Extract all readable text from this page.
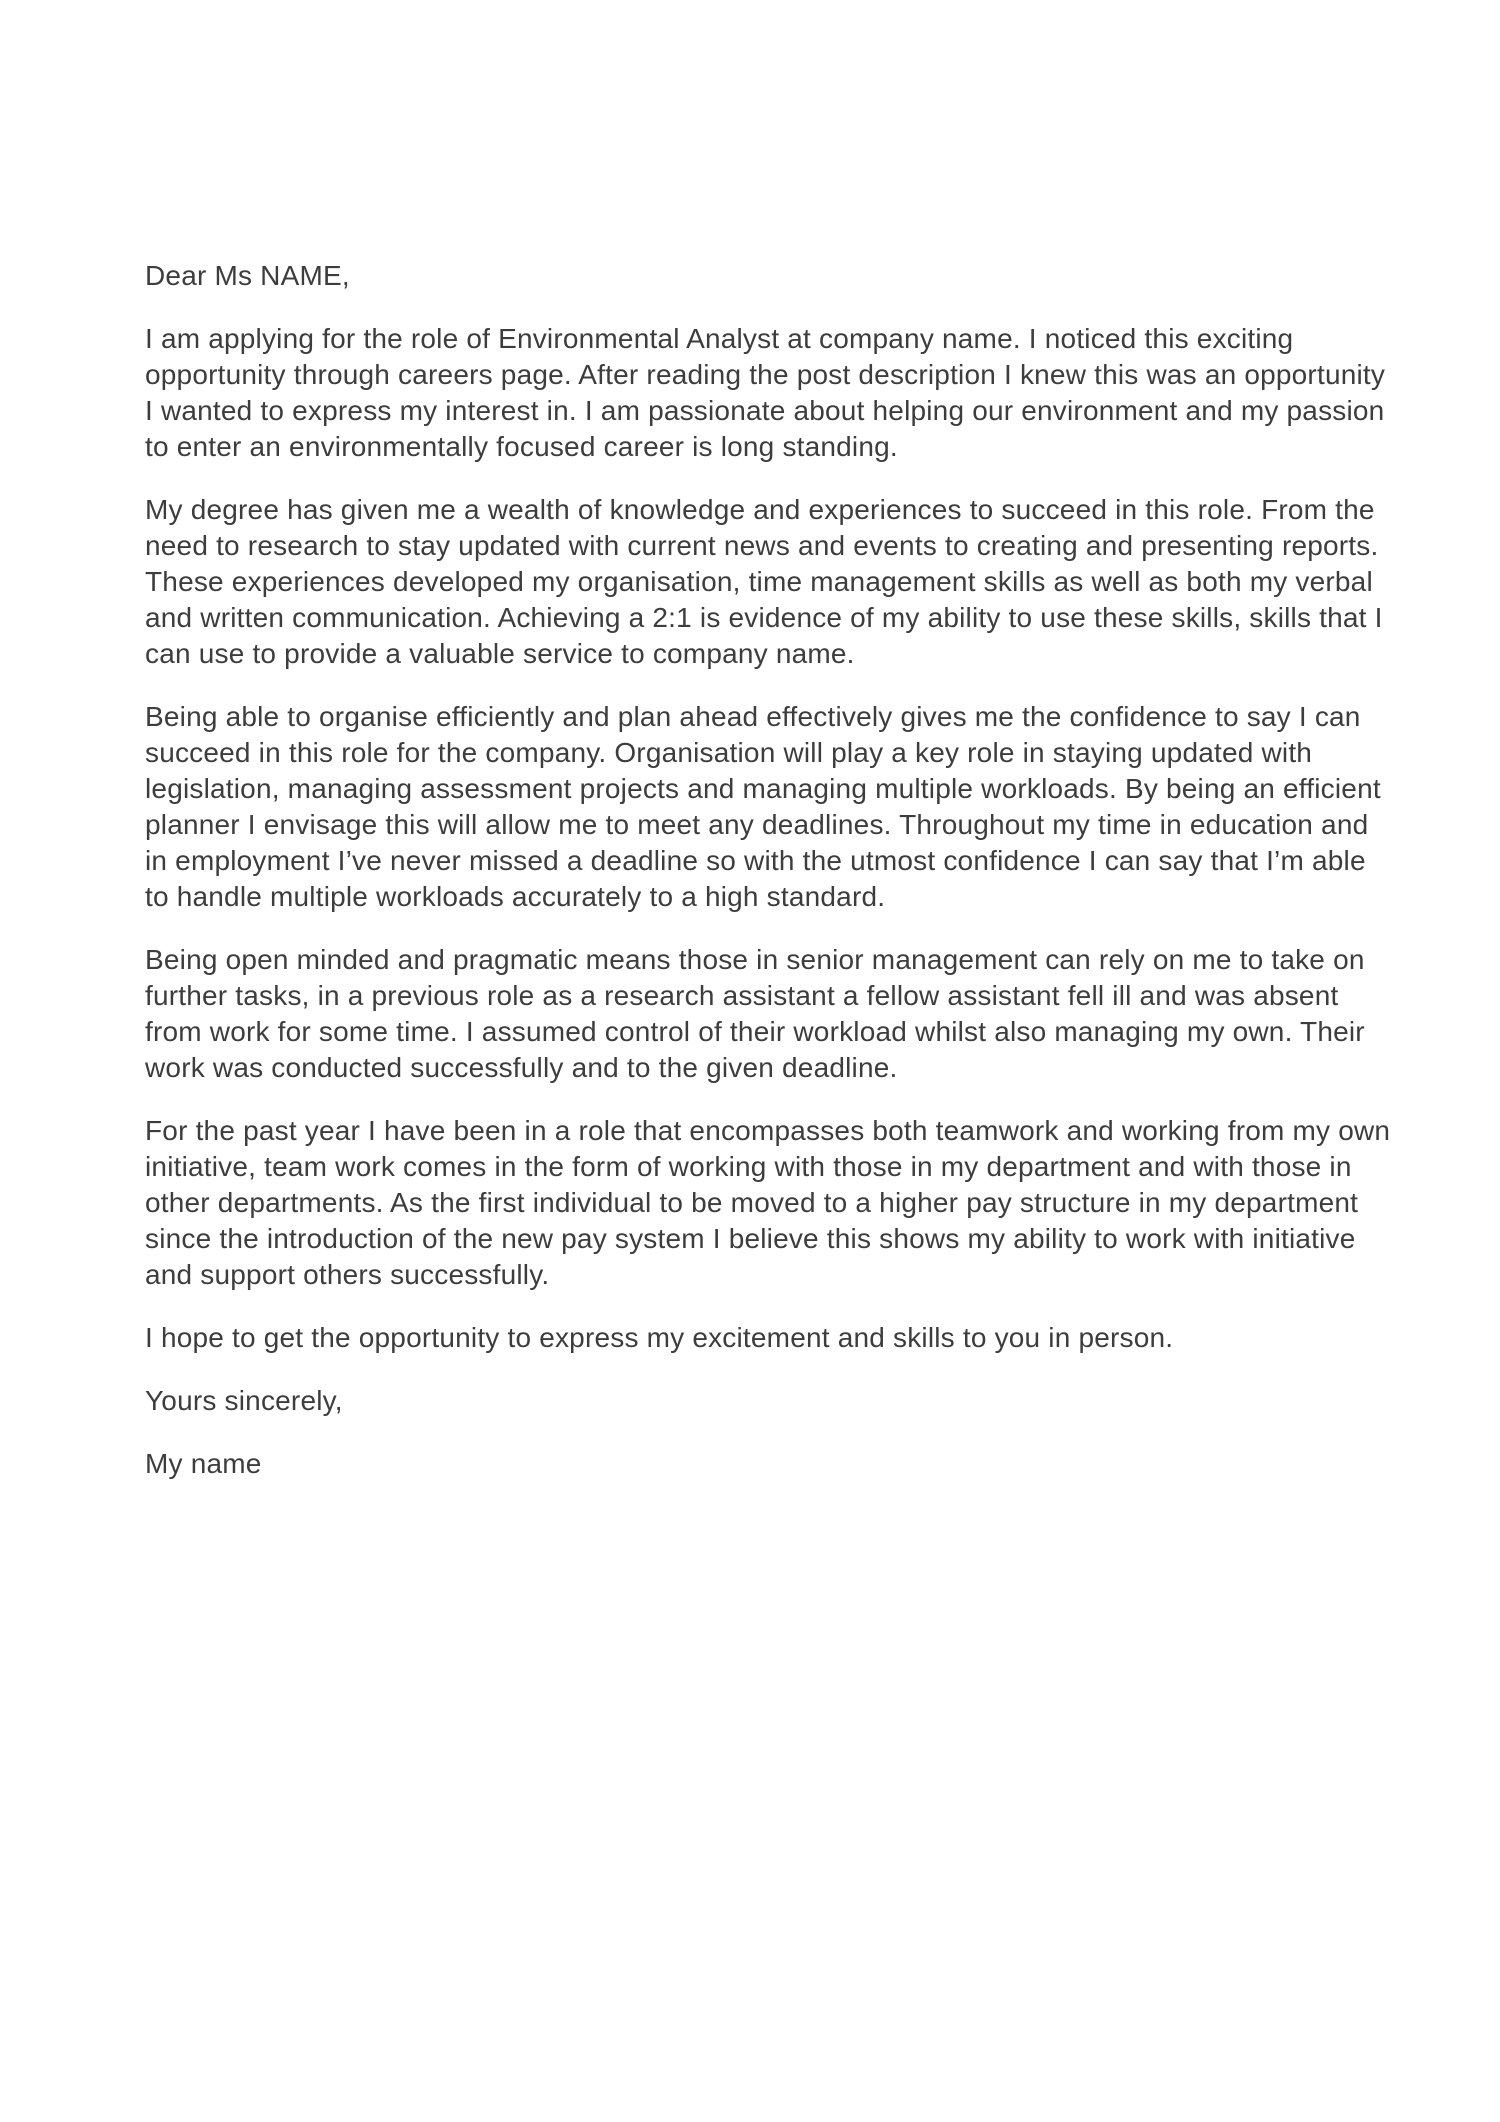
Dear Ms NAME,

I am applying for the role of Environmental Analyst at company name. I noticed this exciting opportunity through careers page. After reading the post description I knew this was an opportunity I wanted to express my interest in. I am passionate about helping our environment and my passion to enter an environmentally focused career is long standing.

My degree has given me a wealth of knowledge and experiences to succeed in this role. From the need to research to stay updated with current news and events to creating and presenting reports. These experiences developed my organisation, time management skills as well as both my verbal and written communication. Achieving a 2:1 is evidence of my ability to use these skills, skills that I can use to provide a valuable service to company name.

Being able to organise efficiently and plan ahead effectively gives me the confidence to say I can succeed in this role for the company. Organisation will play a key role in staying updated with legislation, managing assessment projects and managing multiple workloads. By being an efficient planner I envisage this will allow me to meet any deadlines. Throughout my time in education and in employment I’ve never missed a deadline so with the utmost confidence I can say that I’m able to handle multiple workloads accurately to a high standard.

Being open minded and pragmatic means those in senior management can rely on me to take on further tasks, in a previous role as a research assistant a fellow assistant fell ill and was absent from work for some time. I assumed control of their workload whilst also managing my own. Their work was conducted successfully and to the given deadline.

For the past year I have been in a role that encompasses both teamwork and working from my own initiative, team work comes in the form of working with those in my department and with those in other departments. As the first individual to be moved to a higher pay structure in my department since the introduction of the new pay system I believe this shows my ability to work with initiative and support others successfully.

I hope to get the opportunity to express my excitement and skills to you in person.

Yours sincerely,

My name
